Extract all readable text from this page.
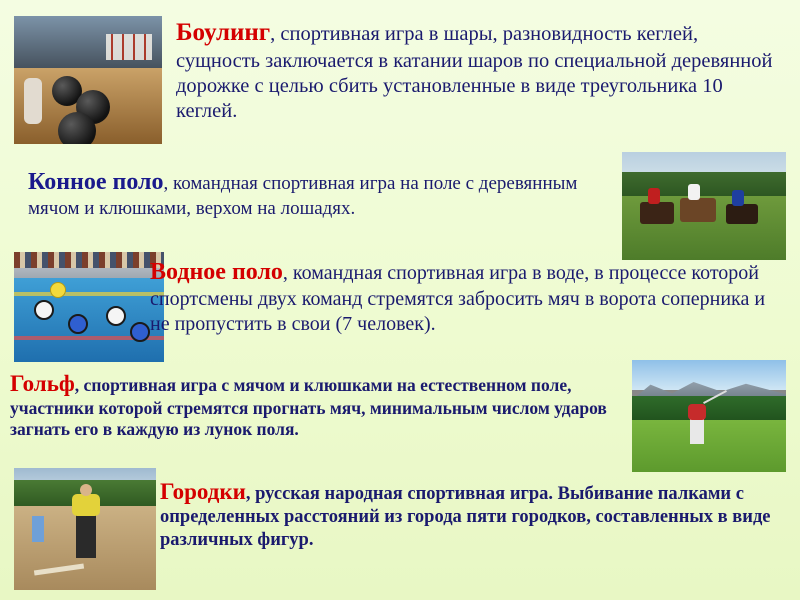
Боулинг, спортивная игра в шары, разновидность кеглей, сущность заключается в катании шаров по специальной деревянной дорожке с целью сбить установленные в виде треугольника 10 кеглей.
Конное поло, командная спортивная игра на поле с деревянным мячом и клюшками, верхом на лошадях.
Водное поло, командная спортивная игра в воде, в процессе которой спортсмены двух команд стремятся забросить мяч в ворота соперника и не пропустить в свои (7 человек).
Гольф, спортивная игра с мячом и клюшками на естественном поле, участники которой стремятся прогнать мяч, минимальным числом ударов загнать его в каждую из лунок поля.
Городки, русская народная спортивная игра. Выбивание палками с определенных расстояний из города пяти городков, составленных в виде различных фигур.
